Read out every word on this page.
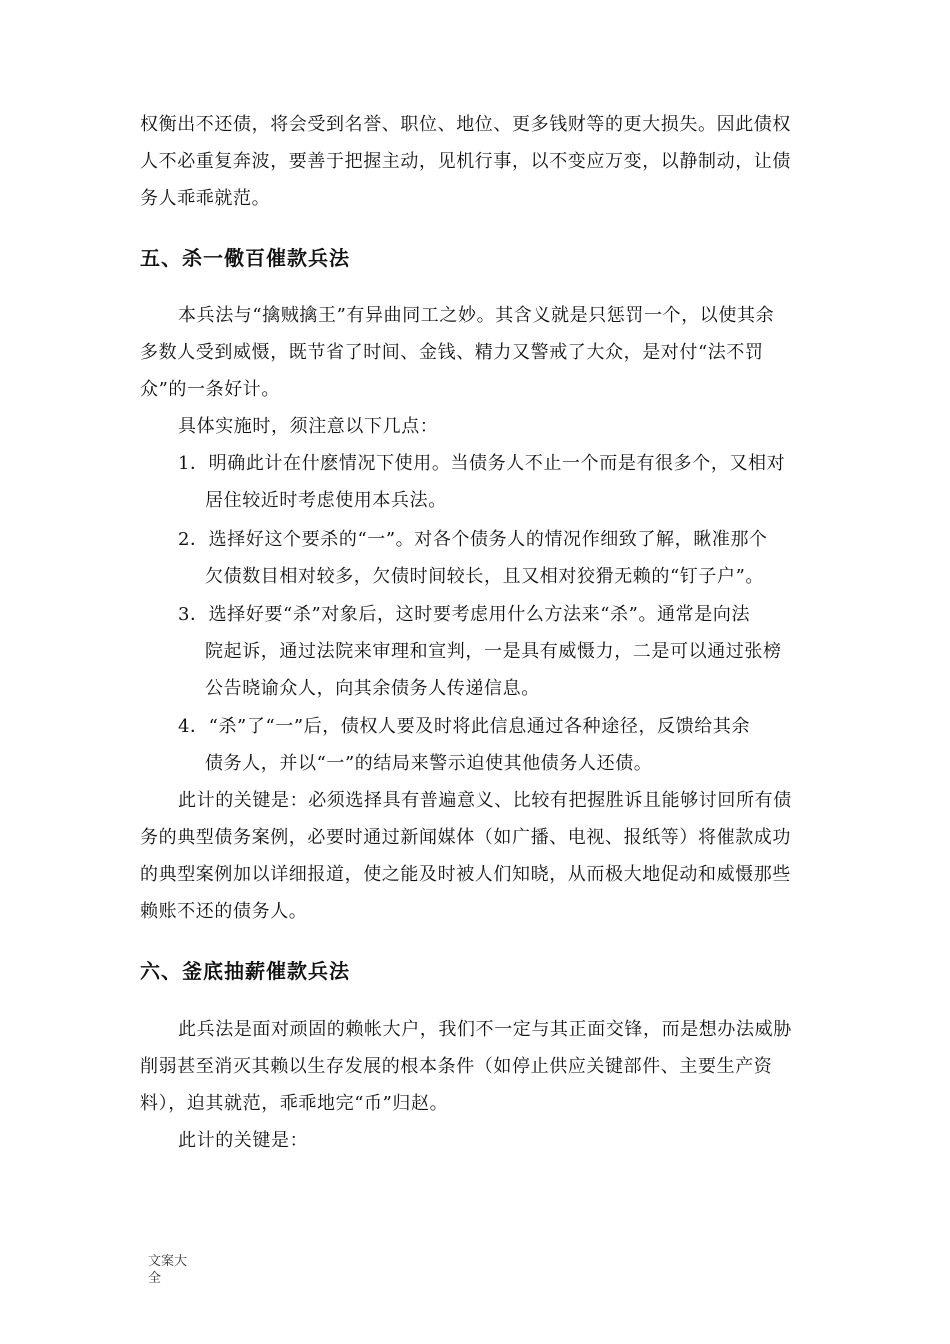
权衡出不还债，将会受到名誉、职位、地位、更多钱财等的更大损失。因此债权
人不必重复奔波，要善于把握主动，见机行事，以不变应万变，以静制动，让债
务人乖乖就范。
五、杀一儆百催款兵法
本兵法与“擒贼擒王”有异曲同工之妙。其含义就是只惩罚一个，以使其余
多数人受到威慑，既节省了时间、金钱、精力又警戒了大众，是对付“法不罚
众”的一条好计。
具体实施时，须注意以下几点：
1．明确此计在什麽情况下使用。当债务人不止一个而是有很多个，又相对
居住较近时考虑使用本兵法。
2．选择好这个要杀的“一”。对各个债务人的情况作细致了解，瞅准那个
欠债数目相对较多，欠债时间较长，且又相对狡猾无赖的“钉子户”。
3．选择好要“杀”对象后，这时要考虑用什么方法来“杀”。通常是向法
院起诉，通过法院来审理和宣判，一是具有威慑力，二是可以通过张榜
公告晓谕众人，向其余债务人传递信息。
4．“杀”了“一”后，债权人要及时将此信息通过各种途径，反馈给其余
债务人，并以“一”的结局来警示迫使其他债务人还债。
此计的关键是：必须选择具有普遍意义、比较有把握胜诉且能够讨回所有债
务的典型债务案例，必要时通过新闻媒体（如广播、电视、报纸等）将催款成功
的典型案例加以详细报道，使之能及时被人们知晓，从而极大地促动和威慑那些
赖账不还的债务人。
六、釜底抽薪催款兵法
此兵法是面对顽固的赖帐大户，我们不一定与其正面交锋，而是想办法威胁
削弱甚至消灭其赖以生存发展的根本条件（如停止供应关键部件、主要生产资
料），迫其就范，乖乖地完“币”归赵。
此计的关键是：
文案大
全
